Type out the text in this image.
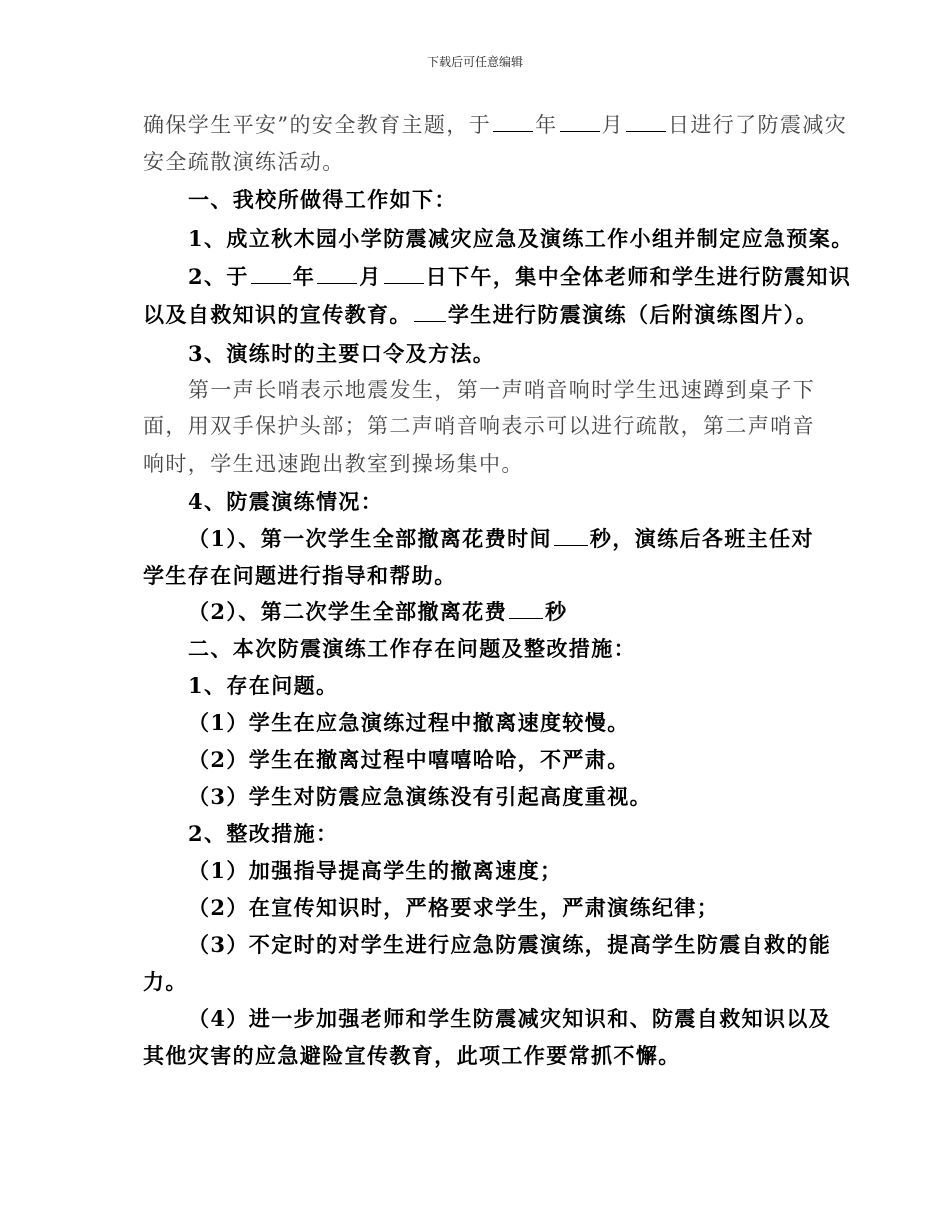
下载后可任意编辑
确保学生平安”的安全教育主题，于 年 月 日进行了防震减灾
安全疏散演练活动。
一、我校所做得工作如下：
1、成立秋木园小学防震减灾应急及演练工作小组并制定应急预案。
2、于 年 月 日下午，集中全体老师和学生进行防震知识
以及自救知识的宣传教育。 学生进行防震演练（后附演练图片）。
3、演练时的主要口令及方法。
第一声长哨表示地震发生，第一声哨音响时学生迅速蹲到桌子下
面，用双手保护头部；第二声哨音响表示可以进行疏散，第二声哨音
响时，学生迅速跑出教室到操场集中。
4、防震演练情况：
（1）、第一次学生全部撤离花费时间 秒，演练后各班主任对
学生存在问题进行指导和帮助。
（2）、第二次学生全部撤离花费 秒
二、本次防震演练工作存在问题及整改措施：
1、存在问题。
（1）学生在应急演练过程中撤离速度较慢。
（2）学生在撤离过程中嘻嘻哈哈，不严肃。
（3）学生对防震应急演练没有引起高度重视。
2、整改措施：
（1）加强指导提高学生的撤离速度；
（2）在宣传知识时，严格要求学生，严肃演练纪律；
（3）不定时的对学生进行应急防震演练，提高学生防震自救的能
力。
（4）进一步加强老师和学生防震减灾知识和、防震自救知识以及
其他灾害的应急避险宣传教育，此项工作要常抓不懈。
